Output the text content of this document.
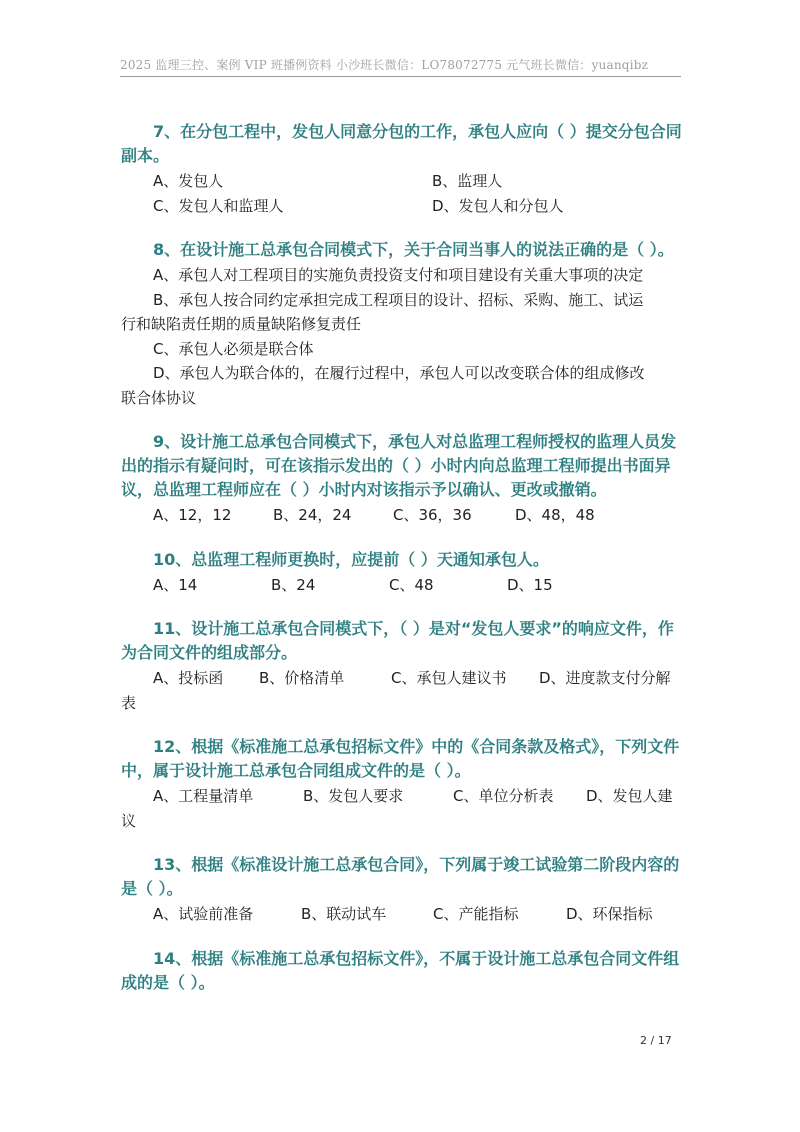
2025 监理三控、案例 VIP 班播例资料 小沙班长微信：LO78072775 元气班长微信：yuanqibz
7、在分包工程中，发包人同意分包的工作，承包人应向（ ）提交分包合同副本。
A、发包人	B、监理人
C、发包人和监理人	D、发包人和分包人
8、在设计施工总承包合同模式下，关于合同当事人的说法正确的是（ ）。
A、承包人对工程项目的实施负责投资支付和项目建设有关重大事项的决定
B、承包人按合同约定承担完成工程项目的设计、招标、采购、施工、试运
行和缺陷责任期的质量缺陷修复责任
C、承包人必须是联合体
D、承包人为联合体的，在履行过程中，承包人可以改变联合体的组成修改
联合体协议
9、设计施工总承包合同模式下，承包人对总监理工程师授权的监理人员发出的指示有疑问时，可在该指示发出的（ ）小时内向总监理工程师提出书面异议，总监理工程师应在（ ）小时内对该指示予以确认、更改或撤销。
A、12，12	B、24，24	C、36，36	D、48，48
10、总监理工程师更换时，应提前（ ）天通知承包人。
A、14	B、24	C、48	D、15
11、设计施工总承包合同模式下，（ ）是对“发包人要求”的响应文件，作为合同文件的组成部分。
A、投标函	B、价格清单	C、承包人建议书	D、进度款支付分解
表
12、根据《标准施工总承包招标文件》中的《合同条款及格式》，下列文件中，属于设计施工总承包合同组成文件的是（ ）。
A、工程量清单	B、发包人要求	C、单位分析表	D、发包人建
议
13、根据《标准设计施工总承包合同》，下列属于竣工试验第二阶段内容的是（ ）。
A、试验前准备	B、联动试车	C、产能指标	D、环保指标
14、根据《标准施工总承包招标文件》，不属于设计施工总承包合同文件组成的是（ ）。
2 / 17
